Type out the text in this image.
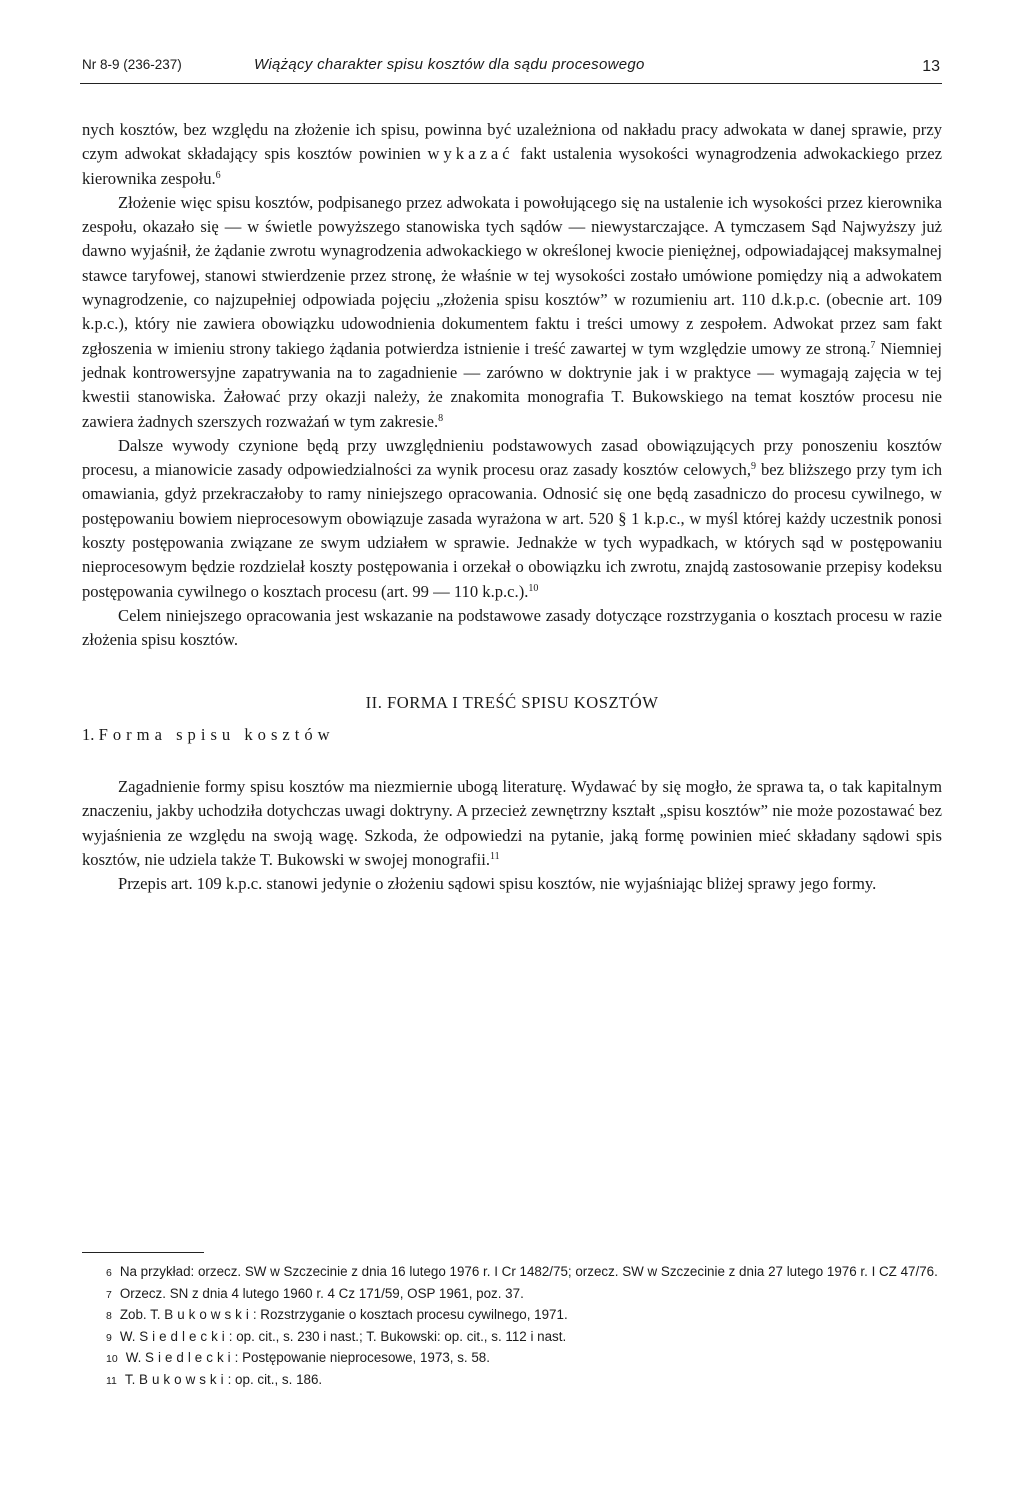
Nr 8-9 (236-237)	Wiążący charakter spisu kosztów dla sądu procesowego	13

nych kosztów, bez względu na złożenie ich spisu, powinna być uzależniona od nakładu pracy adwokata w danej sprawie, przy czym adwokat składający spis kosztów powinien wykazać fakt ustalenia wysokości wynagrodzenia adwokackiego przez kierownika zespołu.$^6$

Złożenie więc spisu kosztów, podpisanego przez adwokata i powołującego się na ustalenie ich wysokości przez kierownika zespołu, okazało się — w świetle powyższego stanowiska tych sądów — niewystarczające. A tymczasem Sąd Najwyższy już dawno wyjaśnił, że żądanie zwrotu wynagrodzenia adwokackiego w określonej kwocie pieniężnej, odpowiadającej maksymalnej stawce taryfowej, stanowi stwierdzenie przez stronę, że właśnie w tej wysokości zostało umówione pomiędzy nią a adwokatem wynagrodzenie, co najzupełniej odpowiada pojęciu „złożenia spisu kosztów” w rozumieniu art. 110 d.k.p.c. (obecnie art. 109 k.p.c.), który nie zawiera obowiązku udowodnienia dokumentem faktu i treści umowy z zespołem. Adwokat przez sam fakt zgłoszenia w imieniu strony takiego żądania potwierdza istnienie i treść zawartej w tym względzie umowy ze stroną.$^7$ Niemniej jednak kontrowersyjne zapatrywania na to zagadnienie — zarówno w doktrynie jak i w praktyce — wymagają zajęcia w tej kwestii stanowiska. Żałować przy okazji należy, że znakomita monografia T. Bukowskiego na temat kosztów procesu nie zawiera żadnych szerszych rozważań w tym zakresie.$^8$

Dalsze wywody czynione będą przy uwzględnieniu podstawowych zasad obowiązujących przy ponoszeniu kosztów procesu, a mianowicie zasady odpowiedzialności za wynik procesu oraz zasady kosztów celowych,$^9$ bez bliższego przy tym ich omawiania, gdyż przekraczałoby to ramy niniejszego opracowania. Odnosić się one będą zasadniczo do procesu cywilnego, w postępowaniu bowiem nieprocesowym obowiązuje zasada wyrażona w art. 520 § 1 k.p.c., w myśl której każdy uczestnik ponosi koszty postępowania związane ze swym udziałem w sprawie. Jednakże w tych wypadkach, w których sąd w postępowaniu nieprocesowym będzie rozdzielał koszty postępowania i orzekał o obowiązku ich zwrotu, znajdą zastosowanie przepisy kodeksu postępowania cywilnego o kosztach procesu (art. 99 — 110 k.p.c.).$^{10}$

Celem niniejszego opracowania jest wskazanie na podstawowe zasady dotyczące rozstrzygania o kosztach procesu w razie złożenia spisu kosztów.

II. FORMA I TREŚĆ SPISU KOSZTÓW
1. Forma spisu kosztów

Zagadnienie formy spisu kosztów ma niezmiernie ubogą literaturę. Wydawać by się mogło, że sprawa ta, o tak kapitalnym znaczeniu, jakby uchodziła dotychczas uwagi doktryny. A przecież zewnętrzny kształt „spisu kosztów” nie może pozostawać bez wyjaśnienia ze względu na swoją wagę. Szkoda, że odpowiedzi na pytanie, jaką formę powinien mieć składany sądowi spis kosztów, nie udziela także T. Bukowski w swojej monografii.$^{11}$

Przepis art. 109 k.p.c. stanowi jedynie o złożeniu sądowi spisu kosztów, nie wyjaśniając bliżej sprawy jego formy.

6 Na przykład: orzecz. SW w Szczecinie z dnia 16 lutego 1976 r. I Cr 1482/75; orzecz. SW w Szczecinie z dnia 27 lutego 1976 r. I CZ 47/76.

7 Orzecz. SN z dnia 4 lutego 1960 r. 4 Cz 171/59, OSP 1961, poz. 37.

8 Zob. T. Bukowski: Rozstrzyganie o kosztach procesu cywilnego, 1971.

9 W. Siedlecki: op. cit., s. 230 i nast.; T. Bukowski: op. cit., s. 112 i nast.

10 W. Siedlecki: Postępowanie nieprocesowe, 1973, s. 58.

11 T. Bukowski: op. cit., s. 186.
